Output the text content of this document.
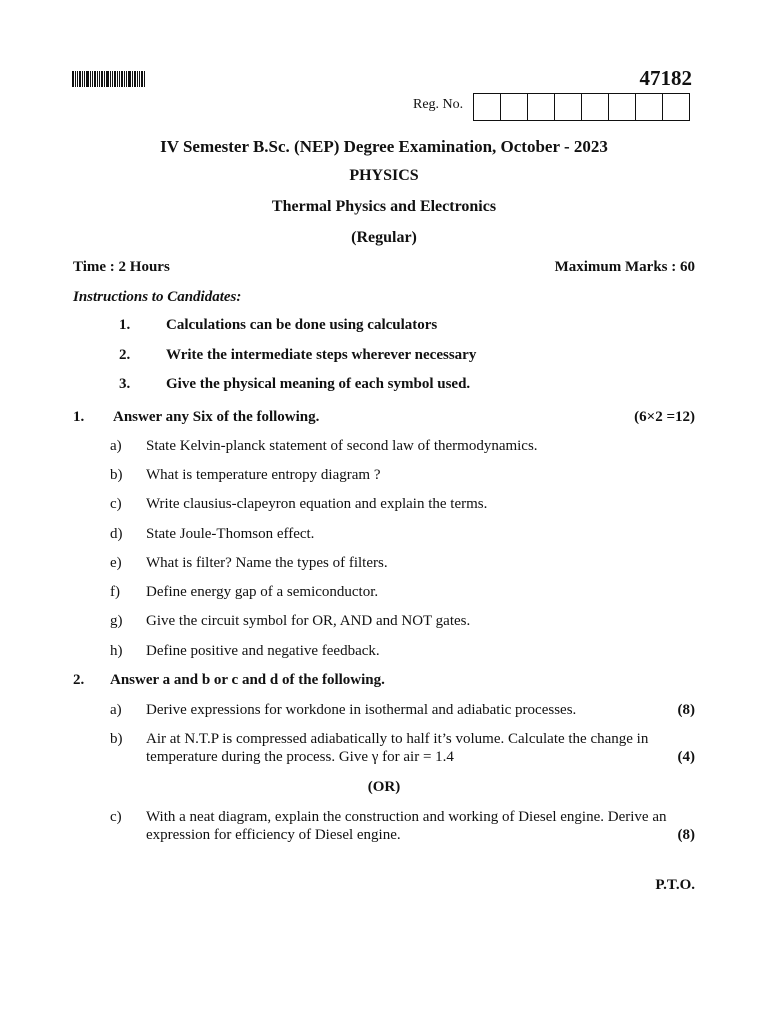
47182
Reg. No.
IV Semester B.Sc. (NEP) Degree Examination, October - 2023
PHYSICS
Thermal Physics and Electronics
(Regular)
Time : 2 Hours	Maximum Marks : 60
Instructions to Candidates:
1. Calculations can be done using calculators
2. Write the intermediate steps wherever necessary
3. Give the physical meaning of each symbol used.
1. Answer any Six of the following.	(6×2 =12)
a) State Kelvin-planck statement of second law of thermodynamics.
b) What is temperature entropy diagram ?
c) Write clausius-clapeyron equation and explain the terms.
d) State Joule-Thomson effect.
e) What is filter? Name the types of filters.
f) Define energy gap of a semiconductor.
g) Give the circuit symbol for OR, AND and NOT gates.
h) Define positive and negative feedback.
2. Answer a and b or c and d of the following.
a) Derive expressions for workdone in isothermal and adiabatic processes.	(8)
b) Air at N.T.P is compressed adiabatically to half it’s volume. Calculate the change in
temperature during the process. Give γ for air = 1.4	(4)
(OR)
c) With a neat diagram, explain the construction and working of Diesel engine. Derive an
expression for efficiency of Diesel engine.	(8)
P.T.O.
